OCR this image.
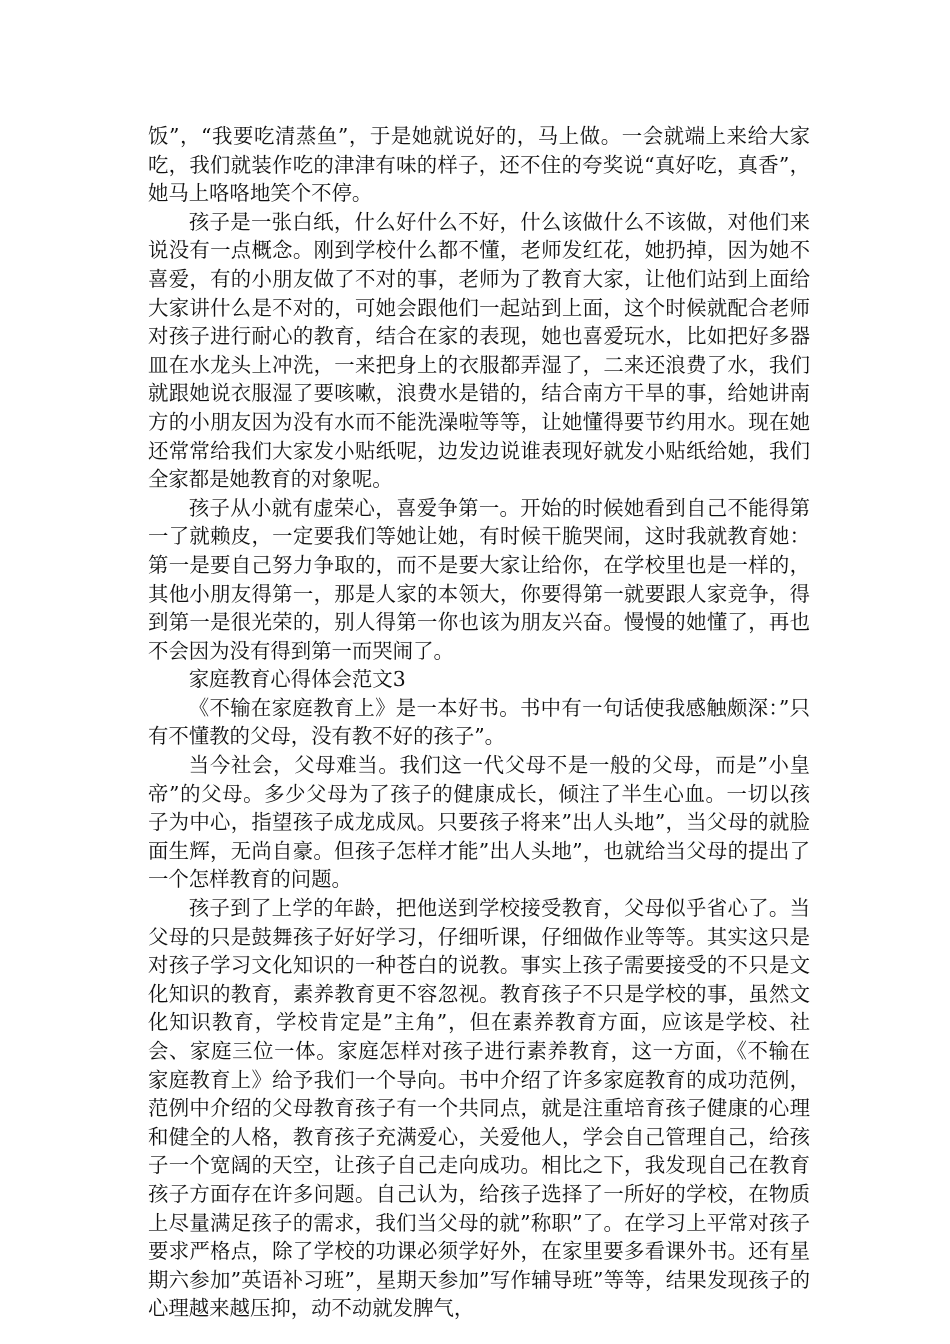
饭”，“我要吃清蒸鱼”，于是她就说好的，马上做。一会就端上来给大家吃，我们就装作吃的津津有味的样子，还不住的夸奖说“真好吃，真香”，她马上咯咯地笑个不停。

孩子是一张白纸，什么好什么不好，什么该做什么不该做，对他们来说没有一点概念。刚到学校什么都不懂，老师发红花，她扔掉，因为她不喜爱，有的小朋友做了不对的事，老师为了教育大家，让他们站到上面给大家讲什么是不对的，可她会跟他们一起站到上面，这个时候就配合老师对孩子进行耐心的教育，结合在家的表现，她也喜爱玩水，比如把好多器皿在水龙头上冲洗，一来把身上的衣服都弄湿了，二来还浪费了水，我们就跟她说衣服湿了要咳嗽，浪费水是错的，结合南方干旱的事，给她讲南方的小朋友因为没有水而不能洗澡啦等等，让她懂得要节约用水。现在她还常常给我们大家发小贴纸呢，边发边说谁表现好就发小贴纸给她，我们全家都是她教育的对象呢。

孩子从小就有虚荣心，喜爱争第一。开始的时候她看到自己不能得第一了就赖皮，一定要我们等她让她，有时候干脆哭闹，这时我就教育她：第一是要自己努力争取的，而不是要大家让给你，在学校里也是一样的，其他小朋友得第一，那是人家的本领大，你要得第一就要跟人家竞争，得到第一是很光荣的，别人得第一你也该为朋友兴奋。慢慢的她懂了，再也不会因为没有得到第一而哭闹了。

家庭教育心得体会范文3

《不输在家庭教育上》是一本好书。书中有一句话使我感触颇深：”只有不懂教的父母，没有教不好的孩子”。

当今社会，父母难当。我们这一代父母不是一般的父母，而是”小皇帝”的父母。多少父母为了孩子的健康成长，倾注了半生心血。一切以孩子为中心，指望孩子成龙成凤。只要孩子将来”出人头地”，当父母的就脸面生辉，无尚自豪。但孩子怎样才能”出人头地”，也就给当父母的提出了一个怎样教育的问题。

孩子到了上学的年龄，把他送到学校接受教育，父母似乎省心了。当父母的只是鼓舞孩子好好学习，仔细听课，仔细做作业等等。其实这只是对孩子学习文化知识的一种苍白的说教。事实上孩子需要接受的不只是文化知识的教育，素养教育更不容忽视。教育孩子不只是学校的事，虽然文化知识教育，学校肯定是”主角”，但在素养教育方面，应该是学校、社会、家庭三位一体。家庭怎样对孩子进行素养教育，这一方面，《不输在家庭教育上》给予我们一个导向。书中介绍了许多家庭教育的成功范例，范例中介绍的父母教育孩子有一个共同点，就是注重培育孩子健康的心理和健全的人格，教育孩子充满爱心，关爱他人，学会自己管理自己，给孩子一个宽阔的天空，让孩子自己走向成功。相比之下，我发现自己在教育孩子方面存在许多问题。自己认为，给孩子选择了一所好的学校，在物质上尽量满足孩子的需求，我们当父母的就”称职”了。在学习上平常对孩子要求严格点，除了学校的功课必须学好外，在家里要多看课外书。还有星期六参加”英语补习班”，星期天参加”写作辅导班”等等，结果发现孩子的心理越来越压抑，动不动就发脾气，
